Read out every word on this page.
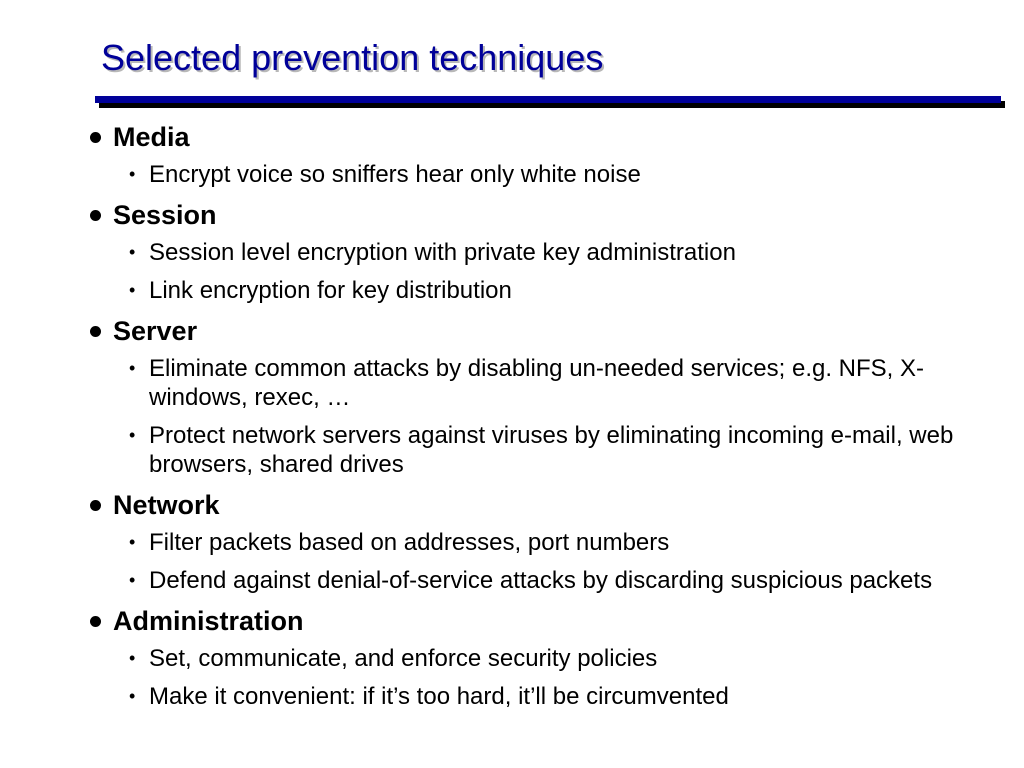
Selected prevention techniques
Media
• Encrypt voice so sniffers hear only white noise
Session
• Session level encryption with private key administration
• Link encryption for key distribution
Server
• Eliminate common attacks by disabling un-needed services; e.g. NFS, X-windows, rexec, …
• Protect network servers against viruses by eliminating incoming e-mail, web browsers, shared drives
Network
• Filter packets based on addresses, port numbers
• Defend against denial-of-service attacks by discarding suspicious packets
Administration
• Set, communicate, and enforce security policies
• Make it convenient: if it’s too hard, it’ll be circumvented
